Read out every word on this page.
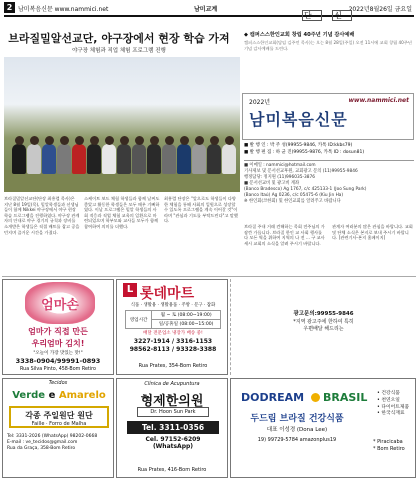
2 남미복음신문 www.nammici.net	남미교계	2022년8월26일 금요일
브라질밀알선교단, 야구장에서 현장 학습 가져
야구장 체험과 직업 체험 프로그램 진행
브라질밀알선교단(단장 최흥렬 목사)은 지난 8월 19일(목), 밀알학생들과 선생님들이 함께 Nikkei 야구장에서 야구 현장 학습 프로그램을 진행하였다. 야구장 관계자의 안내로 야구 경기의 규칙과 장비를 소개받은 학생들은 직접 배트를 잡고 공을 던지며 즐거운 시간을 가졌다.
스케이트 보드 체험 학생들과 함께 날씨도 좋았고 활동한 학생들은 모두 매우 기뻐하였다. 이날 프로그램은 밀알 학생들의 사회 적응과 직업 체험 교육의 일환으로 마련되었으며 학부모와 교사들 모두가 함께 참여하여 의미를 더했다.
최흥렬 단장은 "앞으로도 학생들이 다양한 체험을 통해 사회의 일원으로 성장할 수 있도록 프로그램을 계속 이어갈 것"이라며 "관심과 기도를 부탁드린다"고 말했다.
단 신
◆ 캠퍼스스한인교회 창립 40주년 기념 감사예배
캠퍼스스한인교회(담임 김주언 목사)는 오는 8월 28일(주일) 오전 11시에 교회 창립 40주년 기념 감사예배를 드린다.
2022년	www.nammici.net
남미복음신문
■ 발 행 인 : 박 주 성(99955-9846, 카톡 ID:kkbs79)
■ 발 행 편 집 : 하 균 진(99955-9876, 카톡 ID : dosun81)
■ 이메일 : nammici@hotmail.com
기사제보 및 문서선교후원, 교회광고 문의 (11)99955-9846
행정담당: 정지원 (11)996035-3876
■ 문서선교비 및 광고비 계좌
(Banco Bradesco) Ag 1767, c/c 425133-1 (Joo Sung Park)
(Banco Itaú) Ag 0236, c/c 05475-6 (Kiu Jin Ha)
※ 한인회(코한회) 및 한인교회를 알려주고 바랍니다
브라질 주내 거래 견해하는 목회 전주님의 가 잠깐 가릅니다. 브라질 한인 교 사회 행사를 다 모든 역을 위하여 지역의 나 전 ... 구 교사 세시 교회의 소식을 알려 주시기 바랍니다. 관계자 여러분의 많은 관심을 바랍니다. 교회 및 단체 소식은 본지로 보내 주시기 바랍니다. [관련기사-본지 홈페이지]
엄마손
엄마가 직접 만든
우리엄마 김치!
"오늘이 가장 맛있는 맛!"
3338-0904/99991-0893
Rua Silva Pinto, 458-Bom Retiro
L 롯데마트
식품 · 생활용 · 생활용품 · 주방 · 문구 · 잡화
영업시간	월 ~ 토 (08:00~19:00)
일/공휴일 (08:00~15:00)
배달 전문업소 냉장가 배송 중!
3227-1914 / 3316-1153
98562-8113 / 93328-3388
Rua Prates, 354-Bom Retiro
광고문의:99955-9846
*지역 광고주에 한하여 특히
우편배달 해드리는
Tecidos
Verde e Amarelo
각종 주일원단 원단
Faille · Forro de Malha
Tel: 3331-2026 (WhatsApp) 98202-0668
E-mail : ve_tecidos@gmail.com
Rua da Graça, 358-Bom Retiro
Clínica de Acupuntura
형제한의원
Dr. Hoon Sun Park
Tel. 3311-0356
Cel. 97152-6209
(WhatsApp)
Rua Prates, 416-Bom Retiro
DODREAM BRASIL
두드림 브라질 건강식품
대표 이성경 (Dona Lee)
19) 99729-5784 amazonplus19
• 건강식품
• 천연오일
• 다이어트제품
• 한국식재료
* Piracicaba
* Bom Retiro
